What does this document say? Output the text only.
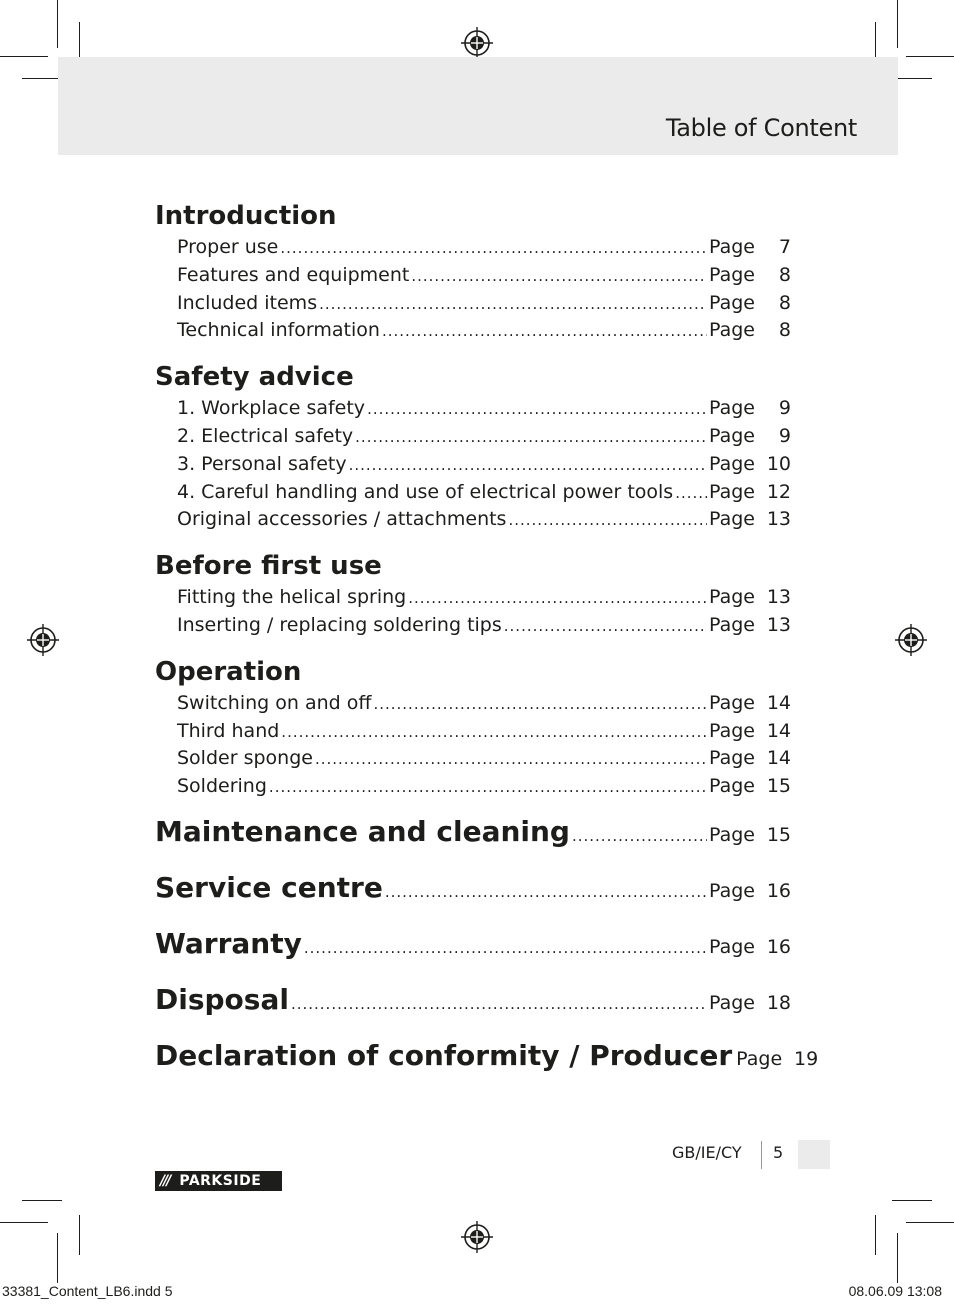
Table of Content
Introduction
Proper use .....	Page	7
Features and equipment .....	Page	8
Included items .....	Page	8
Technical information .....	Page	8
Safety advice
1. Workplace safety .....	Page	9
2. Electrical safety .....	Page	9
3. Personal safety .....	Page 10
4. Careful handling and use of electrical power tools ..... Page 12
Original accessories / attachments .....	Page 13
Before first use
Fitting the helical spring .....	Page 13
Inserting / replacing soldering tips .....	Page 13
Operation
Switching on and off .....	Page 14
Third hand .....	Page 14
Solder sponge .....	Page 14
Soldering .....	Page 15
Maintenance and cleaning .....	Page 15
Service centre .....	Page 16
Warranty .....	Page 16
Disposal .....	Page 18
Declaration of conformity / Producer Page 19
GB/IE/CY 5
/// PARKSIDE
33381_Content_LB6.indd 5	08.06.09 13:08
